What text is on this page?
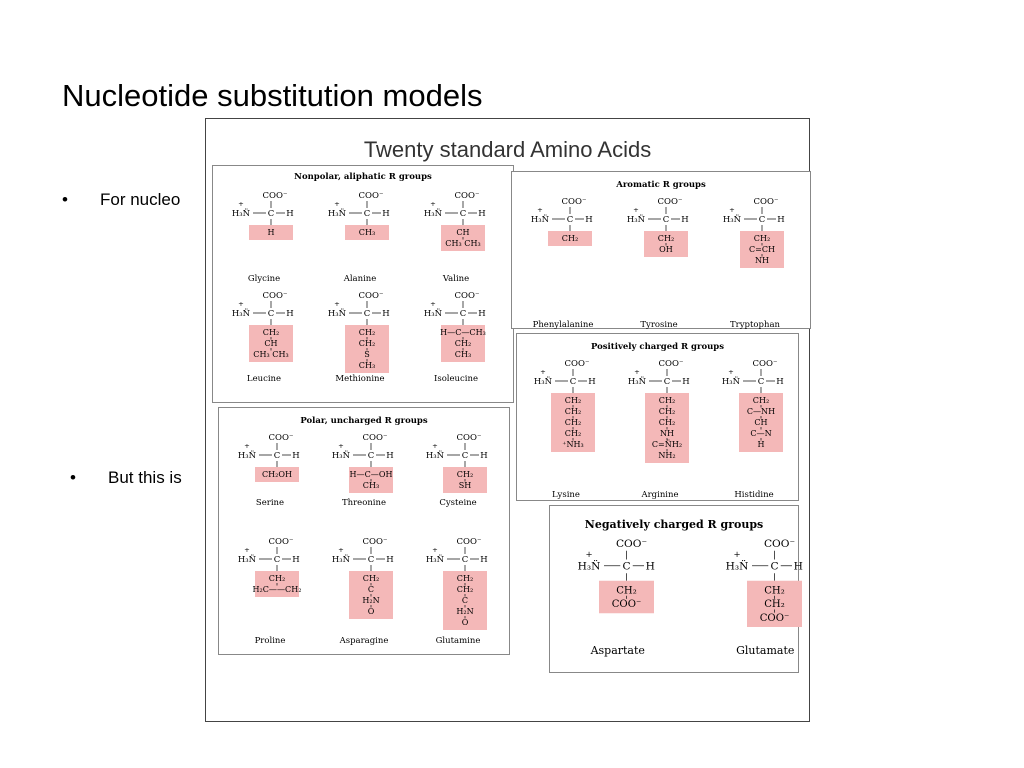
Nucleotide substitution models
• For nucleo
• But this is
Twenty standard Amino Acids
Nonpolar, aliphatic R groups
COO⁻
H₃N̈
+
C H
H
Glycine
COO⁻
H₃N̈
+
C H
CH₃
Alanine
COO⁻
H₃N̈
+
C H
CH
CH₃ CH₃
Valine
COO⁻
H₃N̈
+
C H
CH₂
CH
CH₃ CH₃
Leucine
COO⁻
H₃N̈
+
C H
CH₂
CH₂
S
CH₃
Methionine
COO⁻
H₃N̈
+
C H
H—C—CH₃
CH₂
CH₃
Isoleucine
Aromatic R groups
COO⁻
H₃N̈
+
C H
CH₂
Phenylalanine
COO⁻
H₃N̈
+
C H
CH₂
OH
Tyrosine
COO⁻
H₃N̈
+
C H
CH₂
C=CH
NH
Tryptophan
Polar, uncharged R groups
COO⁻
H₃N̈
+
C H
CH₂OH
Serine
COO⁻
H₃N̈
+
C H
H—C—OH
CH₃
Threonine
COO⁻
H₃N̈
+
C H
CH₂
SH
Cysteine
COO⁻
H₃N̈
+
C H
CH₂
H₂C——CH₂
Proline
COO⁻
H₃N̈
+
C H
CH₂
C
H₂N
O
Asparagine
COO⁻
H₃N̈
+
C H
CH₂
CH₂
C
H₂N
O
Glutamine
Positively charged R groups
COO⁻
H₃N̈
+
C H
CH₂
CH₂
CH₂
CH₂
⁺NH₃
Lysine
COO⁻
H₃N̈
+
C H
CH₂
CH₂
CH₂
NH
C=N̈H₂
NH₂
Arginine
COO⁻
H₃N̈
+
C H
CH₂
C—NH
CH
C—N
H
Histidine
Negatively charged R groups
COO⁻
H₃N̈
+
C H
CH₂
COO⁻
Aspartate
COO⁻
H₃N̈
+
C H
CH₂
CH₂
COO⁻
Glutamate
